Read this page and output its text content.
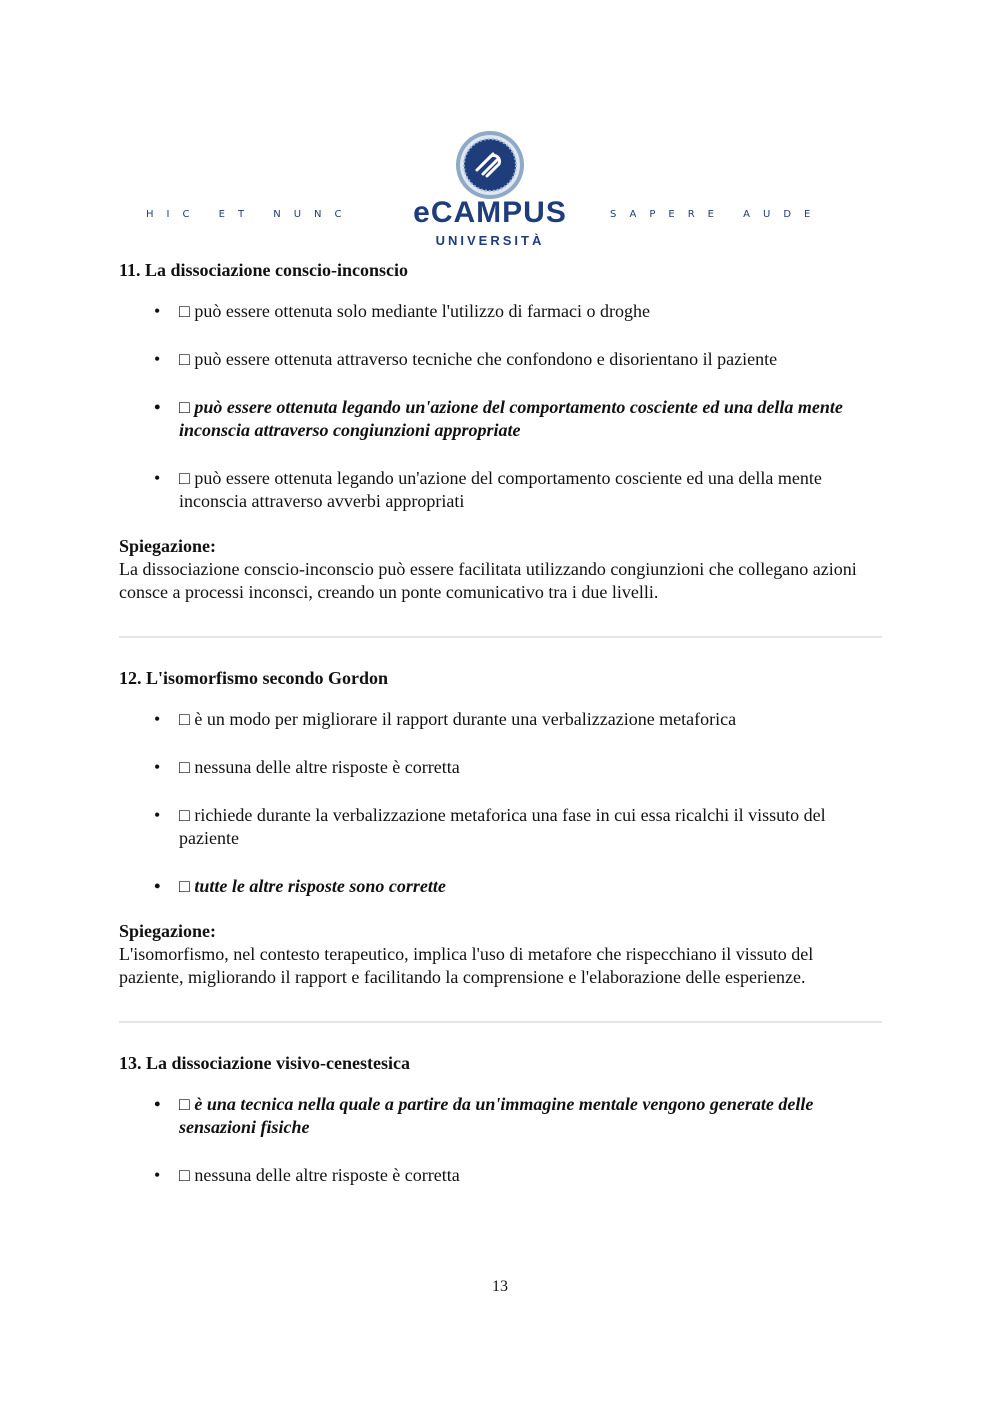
HIC ET NUNC	SAPERE AUDE
eCAMPUS
UNIVERSITÀ

11. La dissociazione conscio-inconscio

• □ può essere ottenuta solo mediante l'utilizzo di farmaci o droghe
• □ può essere ottenuta attraverso tecniche che confondono e disorientano il paziente
• □ può essere ottenuta legando un'azione del comportamento cosciente ed una della mente inconscia attraverso congiunzioni appropriate
• □ può essere ottenuta legando un'azione del comportamento cosciente ed una della mente inconscia attraverso avverbi appropriati

Spiegazione:

La dissociazione conscio-inconscio può essere facilitata utilizzando congiunzioni che collegano azioni consce a processi inconsci, creando un ponte comunicativo tra i due livelli.

12. L'isomorfismo secondo Gordon

• □ è un modo per migliorare il rapport durante una verbalizzazione metaforica
• □ nessuna delle altre risposte è corretta
• □ richiede durante la verbalizzazione metaforica una fase in cui essa ricalchi il vissuto del paziente
• □ tutte le altre risposte sono corrette

Spiegazione:

L'isomorfismo, nel contesto terapeutico, implica l'uso di metafore che rispecchiano il vissuto del paziente, migliorando il rapport e facilitando la comprensione e l'elaborazione delle esperienze.

13. La dissociazione visivo-cenestesica

• □ è una tecnica nella quale a partire da un'immagine mentale vengono generate delle sensazioni fisiche
• □ nessuna delle altre risposte è corretta
13
